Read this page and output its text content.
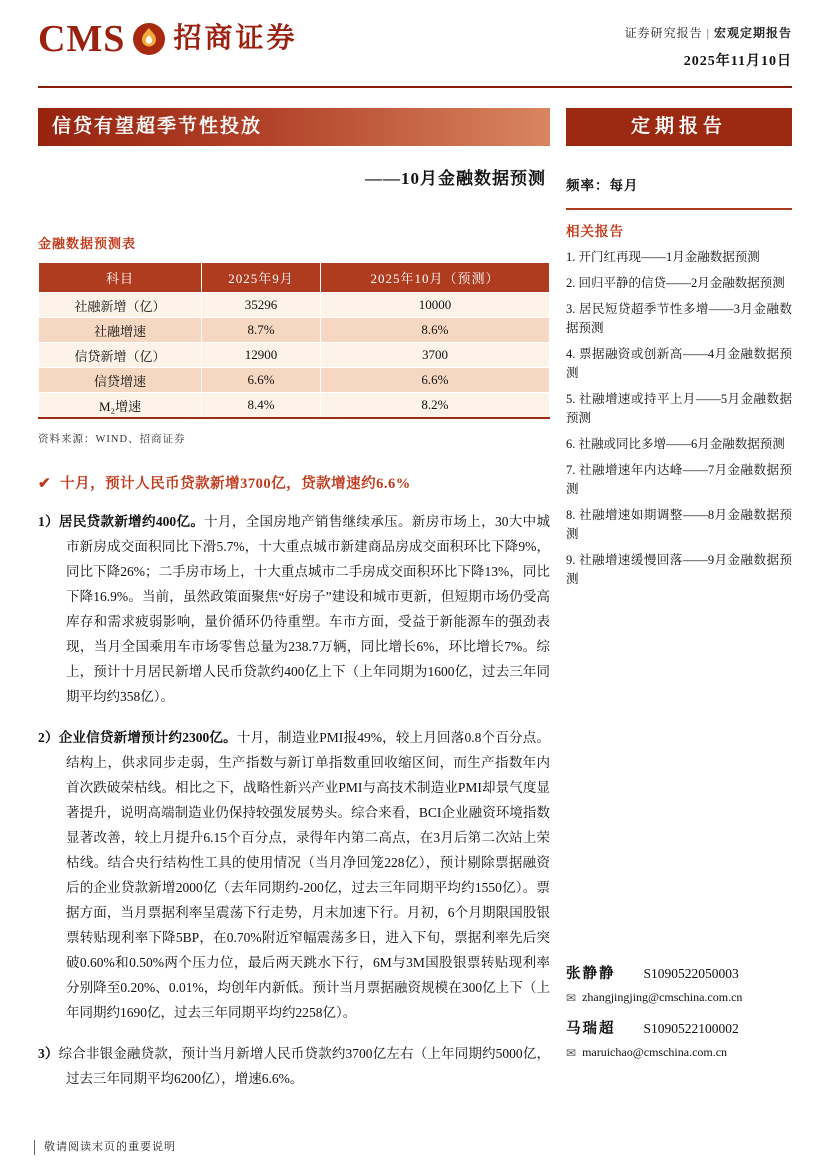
CMS 招商证券	证券研究报告 | 宏观定期报告
2025年11月10日
信贷有望超季节性投放
——10月金融数据预测
金融数据预测表
科目	2025年9月	2025年10月（预测）
社融新增（亿）	35296	10000
社融增速	8.7%	8.6%
信贷新增（亿）	12900	3700
信贷增速	6.6%	6.6%
M₂增速	8.4%	8.2%
资料来源：WIND、招商证券
✔ 十月，预计人民币贷款新增3700亿，贷款增速约6.6%

1）居民贷款新增约400亿。十月，全国房地产销售继续承压。新房市场上，30大中城市新房成交面积同比下滑5.7%，十大重点城市新建商品房成交面积环比下降9%，同比下降26%；二手房市场上，十大重点城市二手房成交面积环比下降13%，同比下降16.9%。当前，虽然政策面聚焦“好房子”建设和城市更新，但短期市场仍受高库存和需求疲弱影响，量价循环仍待重塑。车市方面，受益于新能源车的强劲表现，当月全国乘用车市场零售总量为238.7万辆，同比增长6%，环比增长7%。综上，预计十月居民新增人民币贷款约400亿上下（上年同期为1600亿，过去三年同期平均约358亿）。

2）企业信贷新增预计约2300亿。十月，制造业PMI报49%，较上月回落0.8个百分点。结构上，供求同步走弱，生产指数与新订单指数重回收缩区间，而生产指数年内首次跌破荣枯线。相比之下，战略性新兴产业PMI与高技术制造业PMI却景气度显著提升，说明高端制造业仍保持较强发展势头。综合来看，BCI企业融资环境指数显著改善，较上月提升6.15个百分点，录得年内第二高点，在3月后第二次站上荣枯线。结合央行结构性工具的使用情况（当月净回笼228亿），预计剔除票据融资后的企业贷款新增2000亿（去年同期约-200亿，过去三年同期平均约1550亿）。票据方面，当月票据利率呈震荡下行走势，月末加速下行。月初，6个月期限国股银票转贴现利率下降5BP，在0.70%附近窄幅震荡多日，进入下旬，票据利率先后突破0.60%和0.50%两个压力位，最后两天跳水下行，6M与3M国股银票转贴现利率分别降至0.20%、0.01%，均创年内新低。预计当月票据融资规模在300亿上下（上年同期约1690亿，过去三年同期平均约2258亿）。

3）综合非银金融贷款，预计当月新增人民币贷款约3700亿左右（上年同期约5000亿，过去三年同期平均6200亿），增速6.6%。

定期报告
频率：每月
相关报告
1. 开门红再现——1月金融数据预测
2. 回归平静的信贷——2月金融数据预测
3. 居民短贷超季节性多增——3月金融数据预测
4. 票据融资或创新高——4月金融数据预测
5. 社融增速或持平上月——5月金融数据预测
6. 社融或同比多增——6月金融数据预测
7. 社融增速年内达峰——7月金融数据预测
8. 社融增速如期调整——8月金融数据预测
9. 社融增速缓慢回落——9月金融数据预测
张静静 S1090522050003
✉ zhangjingjing@cmschina.com.cn
马瑞超 S1090522100002
✉ maruichao@cmschina.com.cn
敬请阅读末页的重要说明
